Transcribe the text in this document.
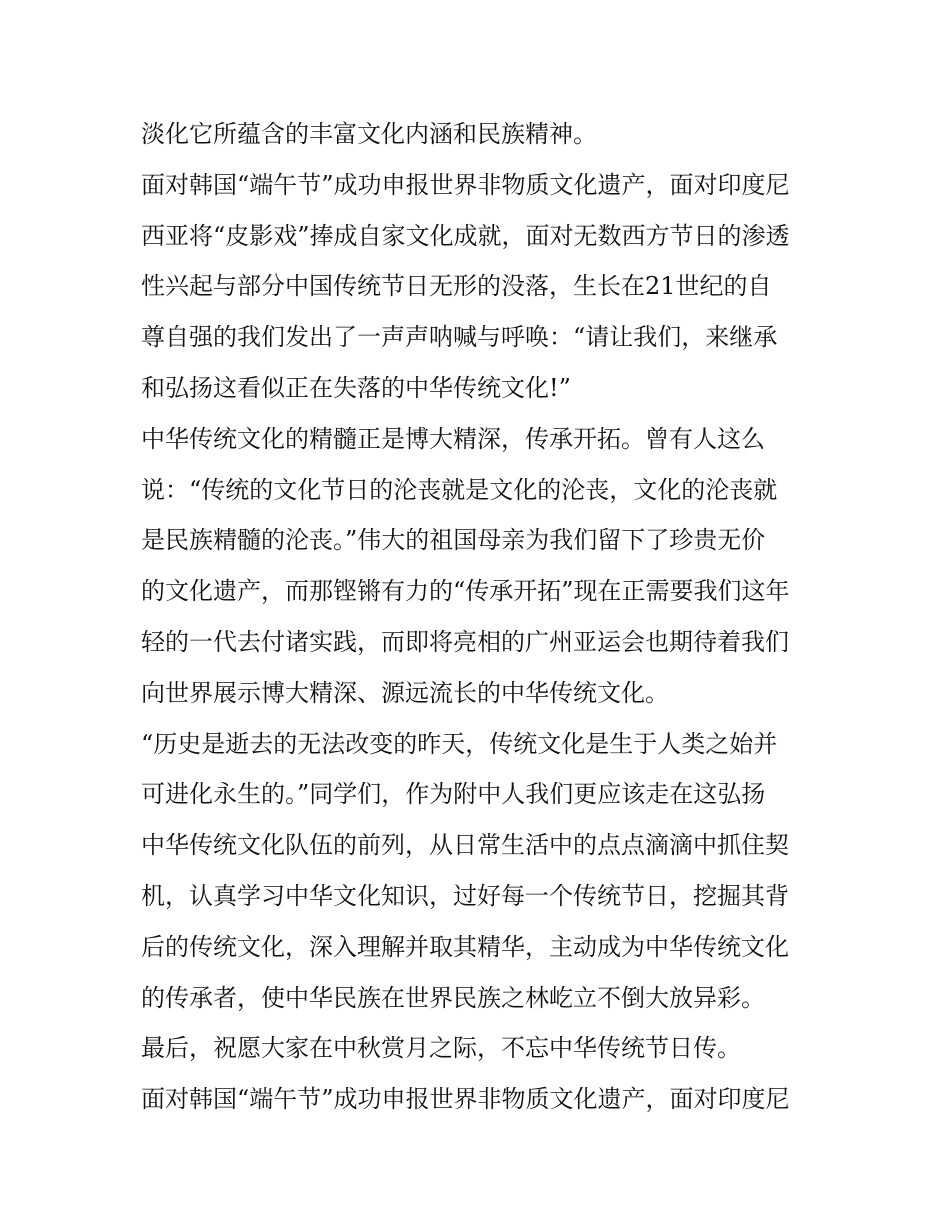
淡化它所蕴含的丰富文化内涵和民族精神。
面对韩国“端午节”成功申报世界非物质文化遗产，面对印度尼
西亚将“皮影戏”捧成自家文化成就，面对无数西方节日的渗透
性兴起与部分中国传统节日无形的没落，生长在21世纪的自
尊自强的我们发出了一声声呐喊与呼唤：“请让我们，来继承
和弘扬这看似正在失落的中华传统文化!”
中华传统文化的精髓正是博大精深，传承开拓。曾有人这么
说：“传统的文化节日的沦丧就是文化的沦丧，文化的沦丧就
是民族精髓的沦丧。”伟大的祖国母亲为我们留下了珍贵无价
的文化遗产，而那铿锵有力的“传承开拓”现在正需要我们这年
轻的一代去付诸实践，而即将亮相的广州亚运会也期待着我们
向世界展示博大精深、源远流长的中华传统文化。
“历史是逝去的无法改变的昨天，传统文化是生于人类之始并
可进化永生的。”同学们，作为附中人我们更应该走在这弘扬
中华传统文化队伍的前列，从日常生活中的点点滴滴中抓住契
机，认真学习中华文化知识，过好每一个传统节日，挖掘其背
后的传统文化，深入理解并取其精华，主动成为中华传统文化
的传承者，使中华民族在世界民族之林屹立不倒大放异彩。
最后，祝愿大家在中秋赏月之际，不忘中华传统节日传。
面对韩国“端午节”成功申报世界非物质文化遗产，面对印度尼
